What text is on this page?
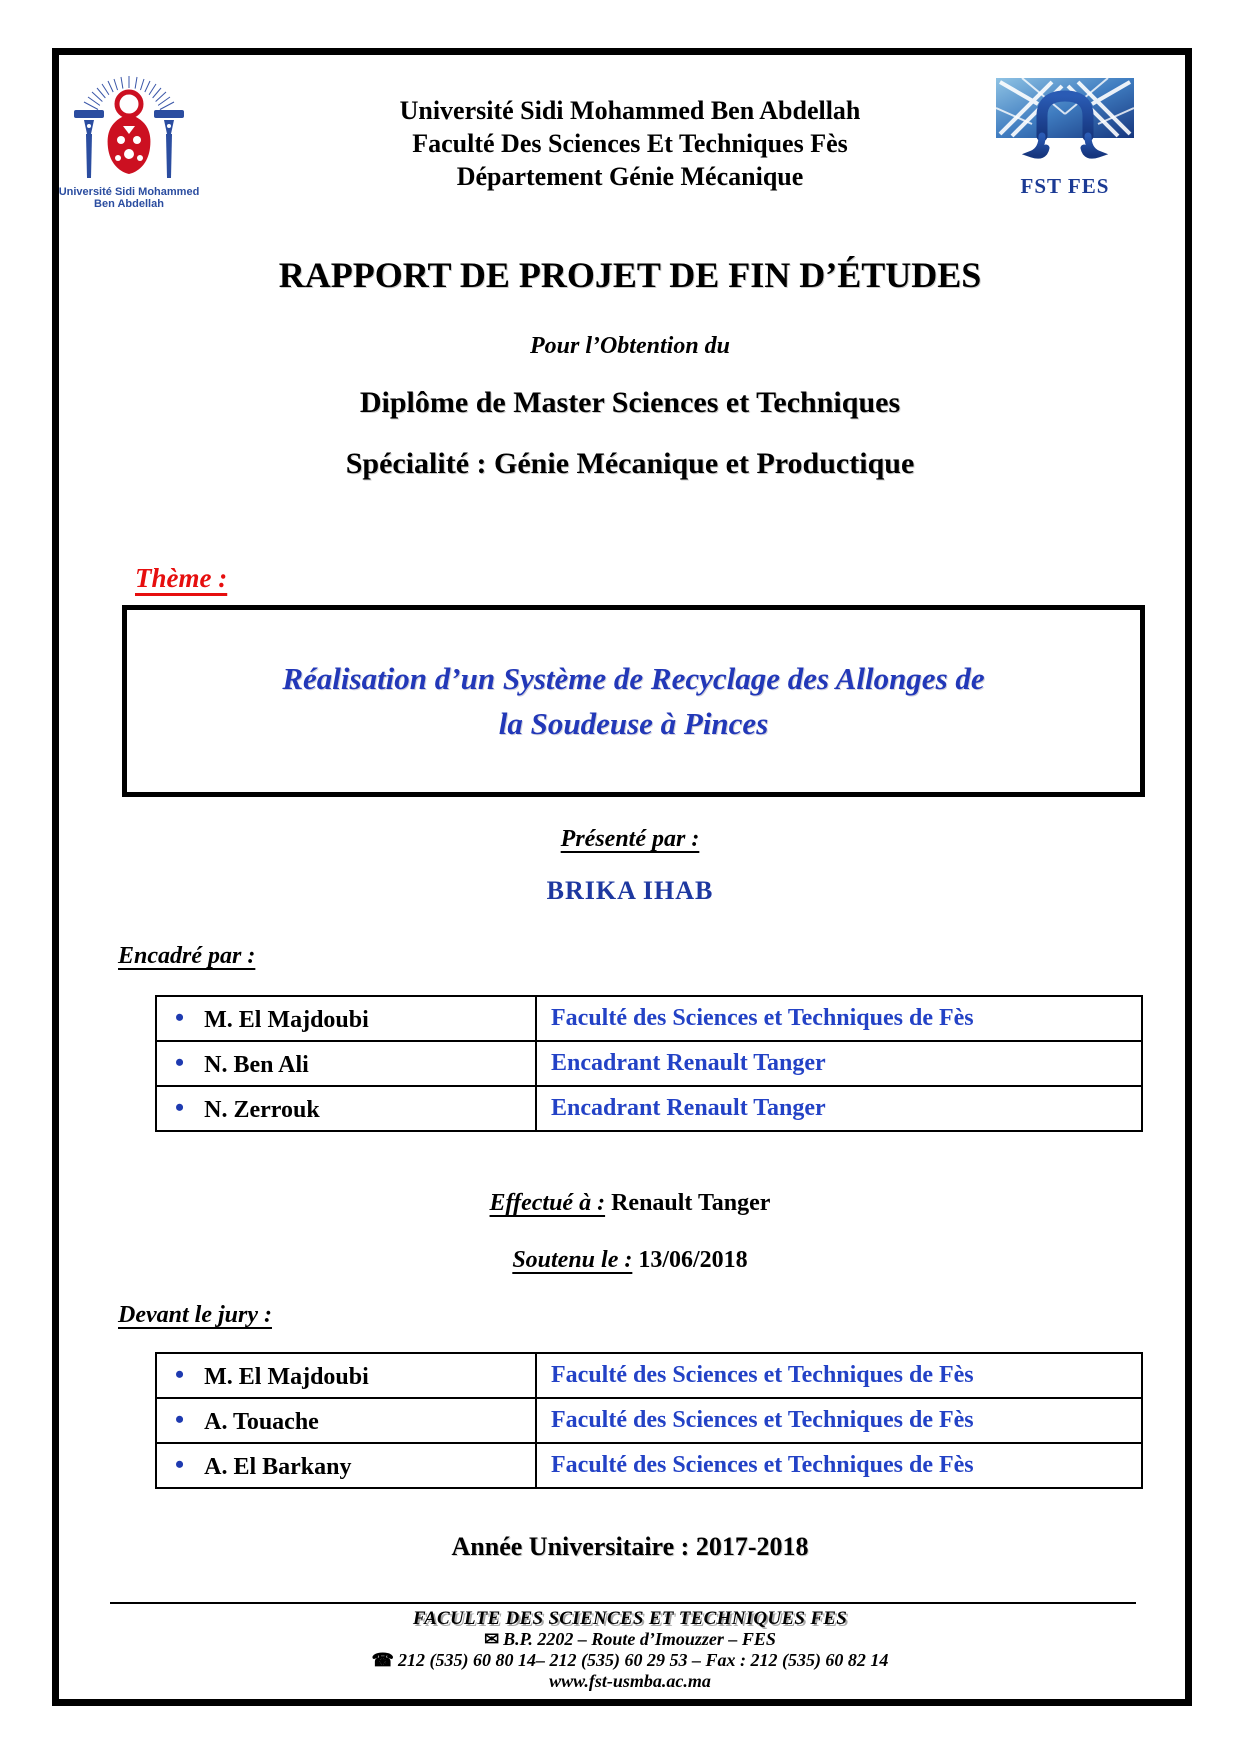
Université Sidi Mohammed Ben Abdellah
FST FES
Université Sidi Mohammed Ben Abdellah
Faculté Des Sciences Et Techniques Fès
Département Génie Mécanique
RAPPORT DE PROJET DE FIN D’ÉTUDES
Pour l’Obtention du
Diplôme de Master Sciences et Techniques
Spécialité : Génie Mécanique et Productique
Thème :
Réalisation d’un Système de Recyclage des Allonges de
la Soudeuse à Pinces
Présenté par :
BRIKA IHAB
Encadré par :
• M. El Majdoubi	Faculté des Sciences et Techniques de Fès
• N. Ben Ali	Encadrant Renault Tanger
• N. Zerrouk	Encadrant Renault Tanger
Effectué à : Renault Tanger
Soutenu le : 13/06/2018
Devant le jury :
• M. El Majdoubi	Faculté des Sciences et Techniques de Fès
• A. Touache	Faculté des Sciences et Techniques de Fès
• A. El Barkany	Faculté des Sciences et Techniques de Fès
Année Universitaire : 2017-2018
FACULTE DES SCIENCES ET TECHNIQUES FES
✉ B.P. 2202 – Route d’Imouzzer – FES
☎ 212 (535) 60 80 14– 212 (535) 60 29 53 – Fax : 212 (535) 60 82 14
www.fst-usmba.ac.ma
